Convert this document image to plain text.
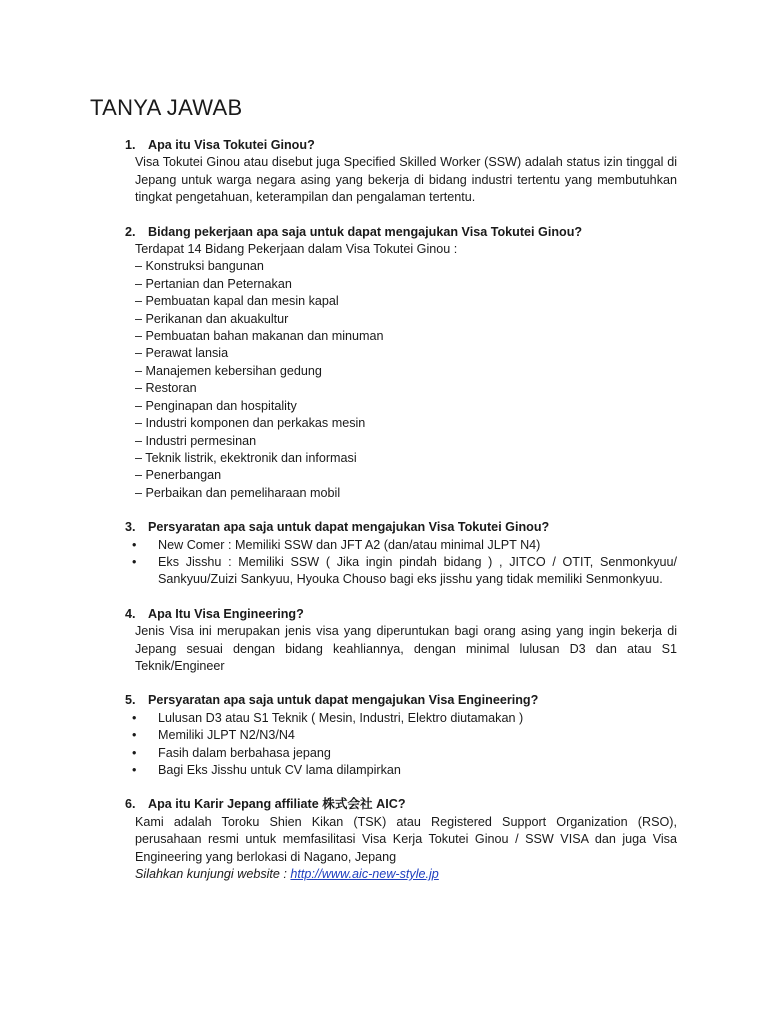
TANYA JAWAB
1. Apa itu Visa Tokutei Ginou?
Visa Tokutei Ginou atau disebut juga Specified Skilled Worker (SSW) adalah status izin tinggal di Jepang untuk warga negara asing yang bekerja di bidang industri tertentu yang membutuhkan tingkat pengetahuan, keterampilan dan pengalaman tertentu.
2. Bidang pekerjaan apa saja untuk dapat mengajukan Visa Tokutei Ginou?
Terdapat 14 Bidang Pekerjaan dalam Visa Tokutei Ginou :
– Konstruksi bangunan
– Pertanian dan Peternakan
– Pembuatan kapal dan mesin kapal
– Perikanan dan akuakultur
– Pembuatan bahan makanan dan minuman
– Perawat lansia
– Manajemen kebersihan gedung
– Restoran
– Penginapan dan hospitality
– Industri komponen dan perkakas mesin
– Industri permesinan
– Teknik listrik, ekektronik dan informasi
– Penerbangan
– Perbaikan dan pemeliharaan mobil
3. Persyaratan apa saja untuk dapat mengajukan Visa Tokutei Ginou?
• New Comer : Memiliki SSW dan JFT A2 (dan/atau minimal JLPT N4)
• Eks Jisshu : Memiliki SSW ( Jika ingin pindah bidang ) , JITCO / OTIT, Senmonkyuu/ Sankyuu/Zuizi Sankyuu, Hyouka Chouso bagi eks jisshu yang tidak memiliki Senmonkyuu.
4. Apa Itu Visa Engineering?
Jenis Visa ini merupakan jenis visa yang diperuntukan bagi orang asing yang ingin bekerja di Jepang sesuai dengan bidang keahliannya, dengan minimal lulusan D3 dan atau S1 Teknik/Engineer
5. Persyaratan apa saja untuk dapat mengajukan Visa Engineering?
• Lulusan D3 atau S1 Teknik ( Mesin, Industri, Elektro diutamakan )
• Memiliki JLPT N2/N3/N4
• Fasih dalam berbahasa jepang
• Bagi Eks Jisshu untuk CV lama dilampirkan
6. Apa itu Karir Jepang affiliate 株式会社 AIC?
Kami adalah Toroku Shien Kikan (TSK) atau Registered Support Organization (RSO), perusahaan resmi untuk memfasilitasi Visa Kerja Tokutei Ginou / SSW VISA dan juga Visa Engineering yang berlokasi di Nagano, Jepang
Silahkan kunjungi website : http://www.aic-new-style.jp
